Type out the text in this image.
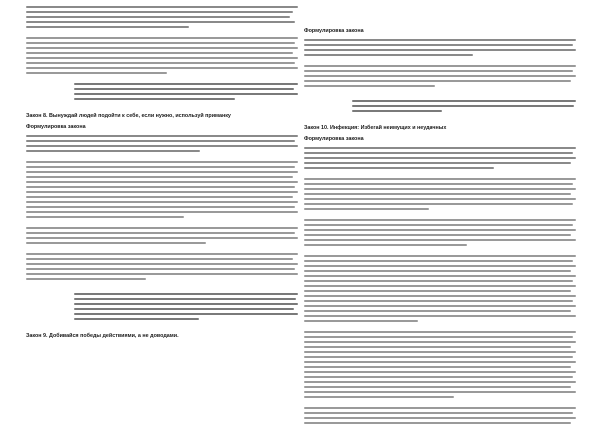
Закон 8. Вынуждай людей подойти к себе, если нужно, используй приманку
Формулировка закона
Закон 9. Добивайся победы действиями, а не доводами.
Формулировка закона
Закон 10. Инфекция: Избегай неимущих и неудачных
Формулировка закона
